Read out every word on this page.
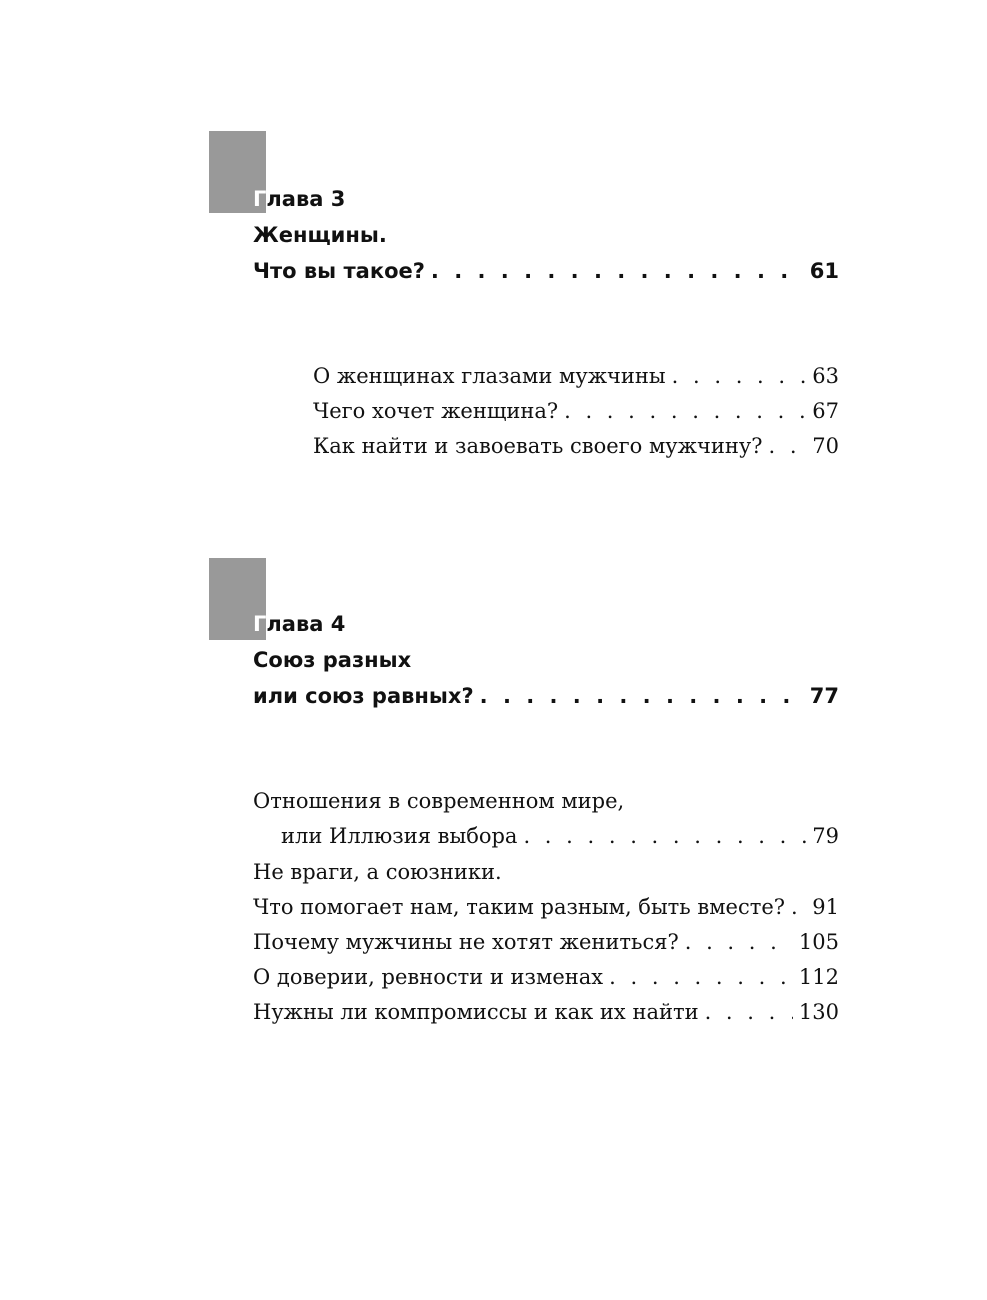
Глава 3
Женщины.
Что вы такое? . . .	61
О женщинах глазами мужчины . . .	63
Чего хочет женщина? . . .	67
Как найти и завоевать своего мужчину? . . . 70
Глава 4
Союз разных
или союз равных? . . .	77
Отношения в современном мире,
или Иллюзия выбора . . .	79
Не враги, а союзники.
Что помогает нам, таким разным, быть вместе? . . . 91
Почему мужчины не хотят жениться? . . .	105
О доверии, ревности и изменах . . .	112
Нужны ли компромиссы и как их найти . . .	130
